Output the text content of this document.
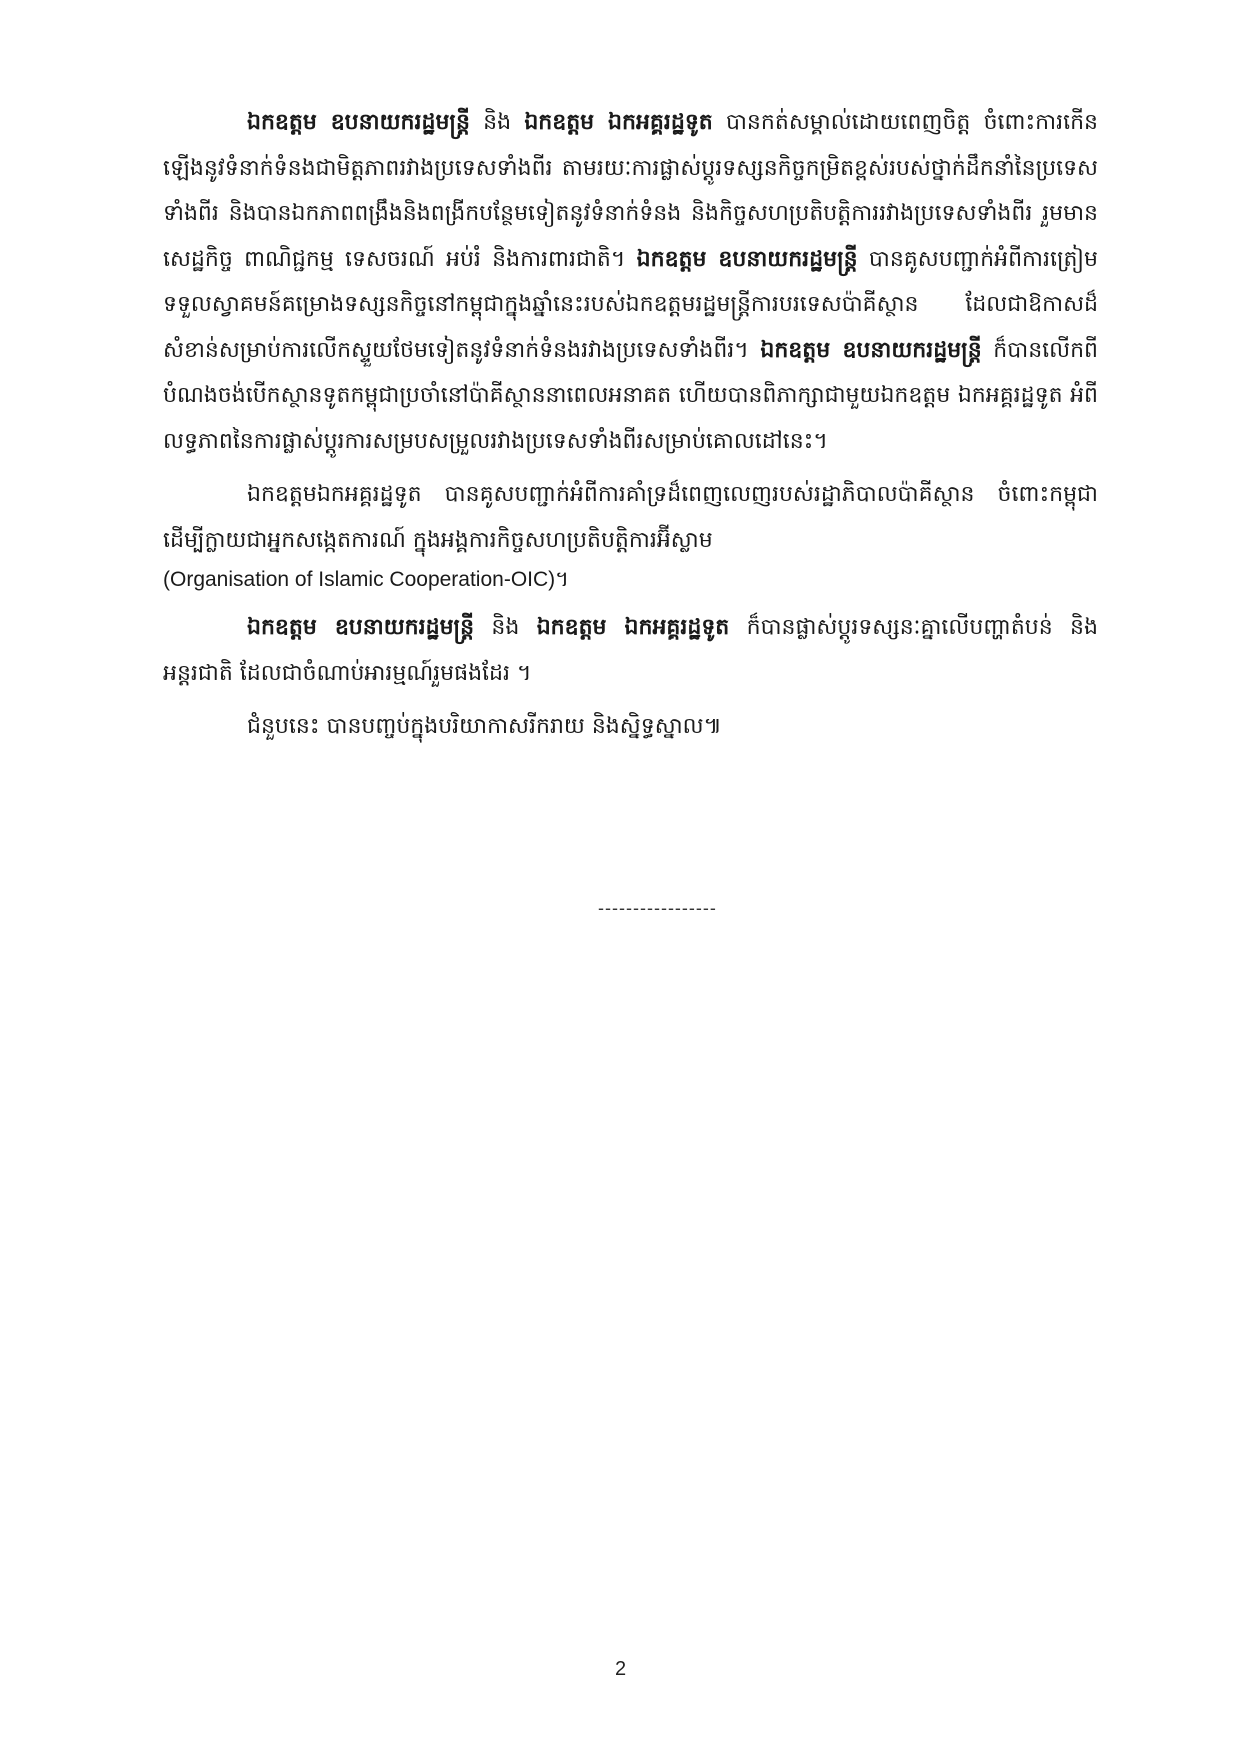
ឯកឧត្តម ឧបនាយករដ្ឋមន្ត្រី និង ឯកឧត្តម ឯកអគ្គរដ្ឋទូត បានកត់សម្គាល់ដោយពេញចិត្ត ចំពោះការកើនឡើងនូវទំនាក់ទំនងជាមិត្តភាពរវាងប្រទេសទាំងពីរ តាមរយៈការផ្លាស់ប្តូរទស្សនកិច្ចកម្រិតខ្ពស់របស់ថ្នាក់ដឹកនាំនៃប្រទេសទាំងពីរ និងបានឯកភាពពង្រឹងនិងពង្រីកបន្ថែមទៀតនូវទំនាក់ទំនង និងកិច្ចសហប្រតិបត្តិការរវាងប្រទេសទាំងពីរ រួមមាន សេដ្ឋកិច្ច ពាណិជ្ជកម្ម ទេសចរណ៍ អប់រំ និងការពារជាតិ។ ឯកឧត្តម ឧបនាយករដ្ឋមន្ត្រី បានគូសបញ្ជាក់អំពីការត្រៀមទទួលស្វាគមន៍គម្រោងទស្សនកិច្ចនៅកម្ពុជាក្នុងឆ្នាំនេះរបស់ឯកឧត្តមរដ្ឋមន្ត្រីការបរទេសប៉ាគីស្ថាន ដែលជាឱកាសដ៏សំខាន់សម្រាប់ការលើកស្ទួយថែមទៀតនូវទំនាក់ទំនងរវាងប្រទេសទាំងពីរ។ ឯកឧត្តម ឧបនាយករដ្ឋមន្ត្រី ក៏បានលើកពីបំណងចង់បើកស្ថានទូតកម្ពុជាប្រចាំនៅប៉ាគីស្ថាននាពេលអនាគត ហើយបានពិភាក្សាជាមួយឯកឧត្តម ឯកអគ្គរដ្ឋទូត អំពីលទ្ធភាពនៃការផ្លាស់ប្តូរការសម្របសម្រួលរវាងប្រទេសទាំងពីរសម្រាប់គោលដៅនេះ។

ឯកឧត្តមឯកអគ្គរដ្ឋទូត បានគូសបញ្ជាក់អំពីការគាំទ្រដ៏ពេញលេញរបស់រដ្ឋាភិបាលប៉ាគីស្ថាន ចំពោះកម្ពុជា ដើម្បីក្លាយជាអ្នកសង្កេតការណ៍ ក្នុងអង្គការកិច្ចសហប្រតិបត្តិការអ៊ីស្លាម
(Organisation of Islamic Cooperation-OIC)។

ឯកឧត្តម ឧបនាយករដ្ឋមន្ត្រី និង ឯកឧត្តម ឯកអគ្គរដ្ឋទូត ក៏បានផ្លាស់ប្តូរទស្សនៈគ្នាលើបញ្ហាតំបន់ និងអន្តរជាតិ ដែលជាចំណាប់អារម្មណ៍រួមផងដែរ ។

ជំនួបនេះ បានបញ្ចប់ក្នុងបរិយាកាសរីករាយ និងស្និទ្ធស្នាល៕

-----------------
2
